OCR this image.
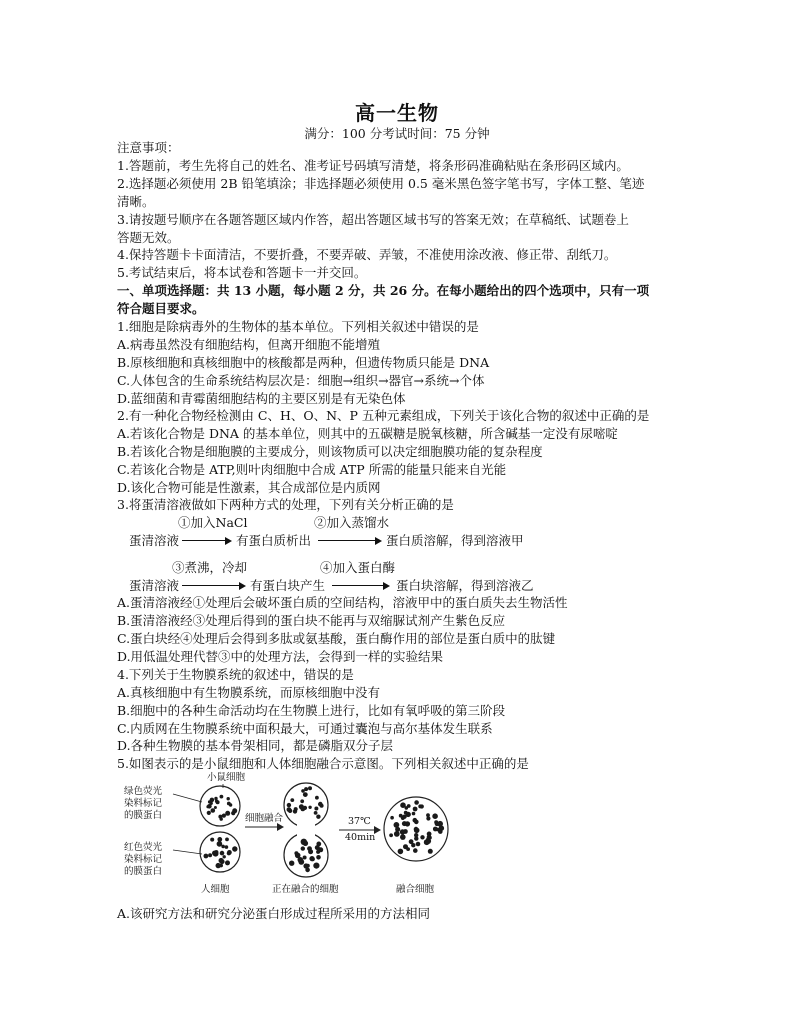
高一生物
满分：100 分考试时间：75 分钟
注意事项：
1.答题前，考生先将自己的姓名、准考证号码填写清楚，将条形码准确粘贴在条形码区域内。
2.选择题必须使用 2B 铅笔填涂；非选择题必须使用 0.5 毫米黑色签字笔书写，字体工整、笔迹
清晰。
3.请按题号顺序在各题答题区域内作答，超出答题区域书写的答案无效；在草稿纸、试题卷上
答题无效。
4.保持答题卡卡面清洁，不要折叠，不要弄破、弄皱，不准使用涂改液、修正带、刮纸刀。
5.考试结束后，将本试卷和答题卡一并交回。
一、单项选择题：共 13 小题，每小题 2 分，共 26 分。在每小题给出的四个选项中，只有一项
符合题目要求。
1.细胞是除病毒外的生物体的基本单位。下列相关叙述中错误的是
A.病毒虽然没有细胞结构，但离开细胞不能增殖
B.原核细胞和真核细胞中的核酸都是两种，但遗传物质只能是 DNA
C.人体包含的生命系统结构层次是：细胞→组织→器官→系统→个体
D.蓝细菌和青霉菌细胞结构的主要区别是有无染色体
2.有一种化合物经检测由 C、H、O、N、P 五种元素组成，下列关于该化合物的叙述中正确的是
A.若该化合物是 DNA 的基本单位，则其中的五碳糖是脱氧核糖，所含碱基一定没有尿嘧啶
B.若该化合物是细胞膜的主要成分，则该物质可以决定细胞膜功能的复杂程度
C.若该化合物是 ATP,则叶肉细胞中合成 ATP 所需的能量只能来自光能
D.该化合物可能是性激素，其合成部位是内质网
3.将蛋清溶液做如下两种方式的处理，下列有关分析正确的是
①加入NaCl	②加入蒸馏水
蛋清溶液	有蛋白质析出	蛋白质溶解，得到溶液甲
③煮沸，冷却	④加入蛋白酶
蛋清溶液	有蛋白块产生	蛋白块溶解，得到溶液乙
A.蛋清溶液经①处理后会破坏蛋白质的空间结构，溶液甲中的蛋白质失去生物活性
B.蛋清溶液经③处理后得到的蛋白块不能再与双缩脲试剂产生紫色反应
C.蛋白块经④处理后会得到多肽或氨基酸，蛋白酶作用的部位是蛋白质中的肽键
D.用低温处理代替③中的处理方法，会得到一样的实验结果
4.下列关于生物膜系统的叙述中，错误的是
A.真核细胞中有生物膜系统，而原核细胞中没有
B.细胞中的各种生命活动均在生物膜上进行，比如有氧呼吸的第三阶段
C.内质网在生物膜系统中面积最大，可通过囊泡与高尔基体发生联系
D.各种生物膜的基本骨架相同，都是磷脂双分子层
5.如图表示的是小鼠细胞和人体细胞融合示意图。下列相关叙述中正确的是
小鼠细胞
绿色荧光
染料标记
的膜蛋白
红色荧光
染料标记
的膜蛋白
人细胞
细胞融合
正在融合的细胞
37℃
40min
融合细胞
A.该研究方法和研究分泌蛋白形成过程所采用的方法相同
